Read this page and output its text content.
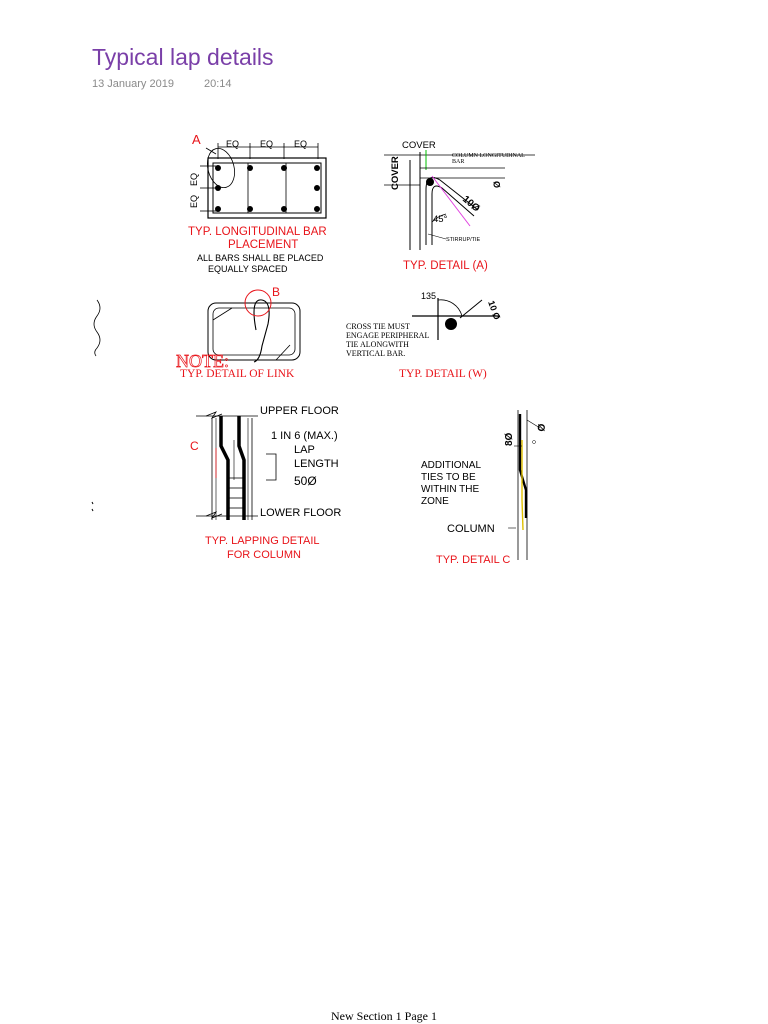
Typical lap details
13 January 2019	20:14
A	EQ EQ EQ
EQ
EQ
TYP. LONGITUDINAL BAR
PLACEMENT
ALL BARS SHALL BE PLACED
EQUALLY SPACED
COVER
COVER
COLUMN LONGITUDINAL
BAR
Ø
10Ø
45°
STIRRUP/TIE
TYP. DETAIL (A)
B
NOTE:
TYP. DETAIL OF LINK
135
10 Ø
CROSS TIE MUST
ENGAGE PERIPHERAL
TIE ALONGWITH
VERTICAL BAR.
TYP. DETAIL (W)
C
UPPER FLOOR
1 IN 6 (MAX.)
LAP
LENGTH
50Ø
LOWER FLOOR
TYP. LAPPING DETAIL
FOR COLUMN
8Ø
Ø
ADDITIONAL
TIES TO BE
WITHIN THE
ZONE
COLUMN
TYP. DETAIL C
New Section 1 Page 1
